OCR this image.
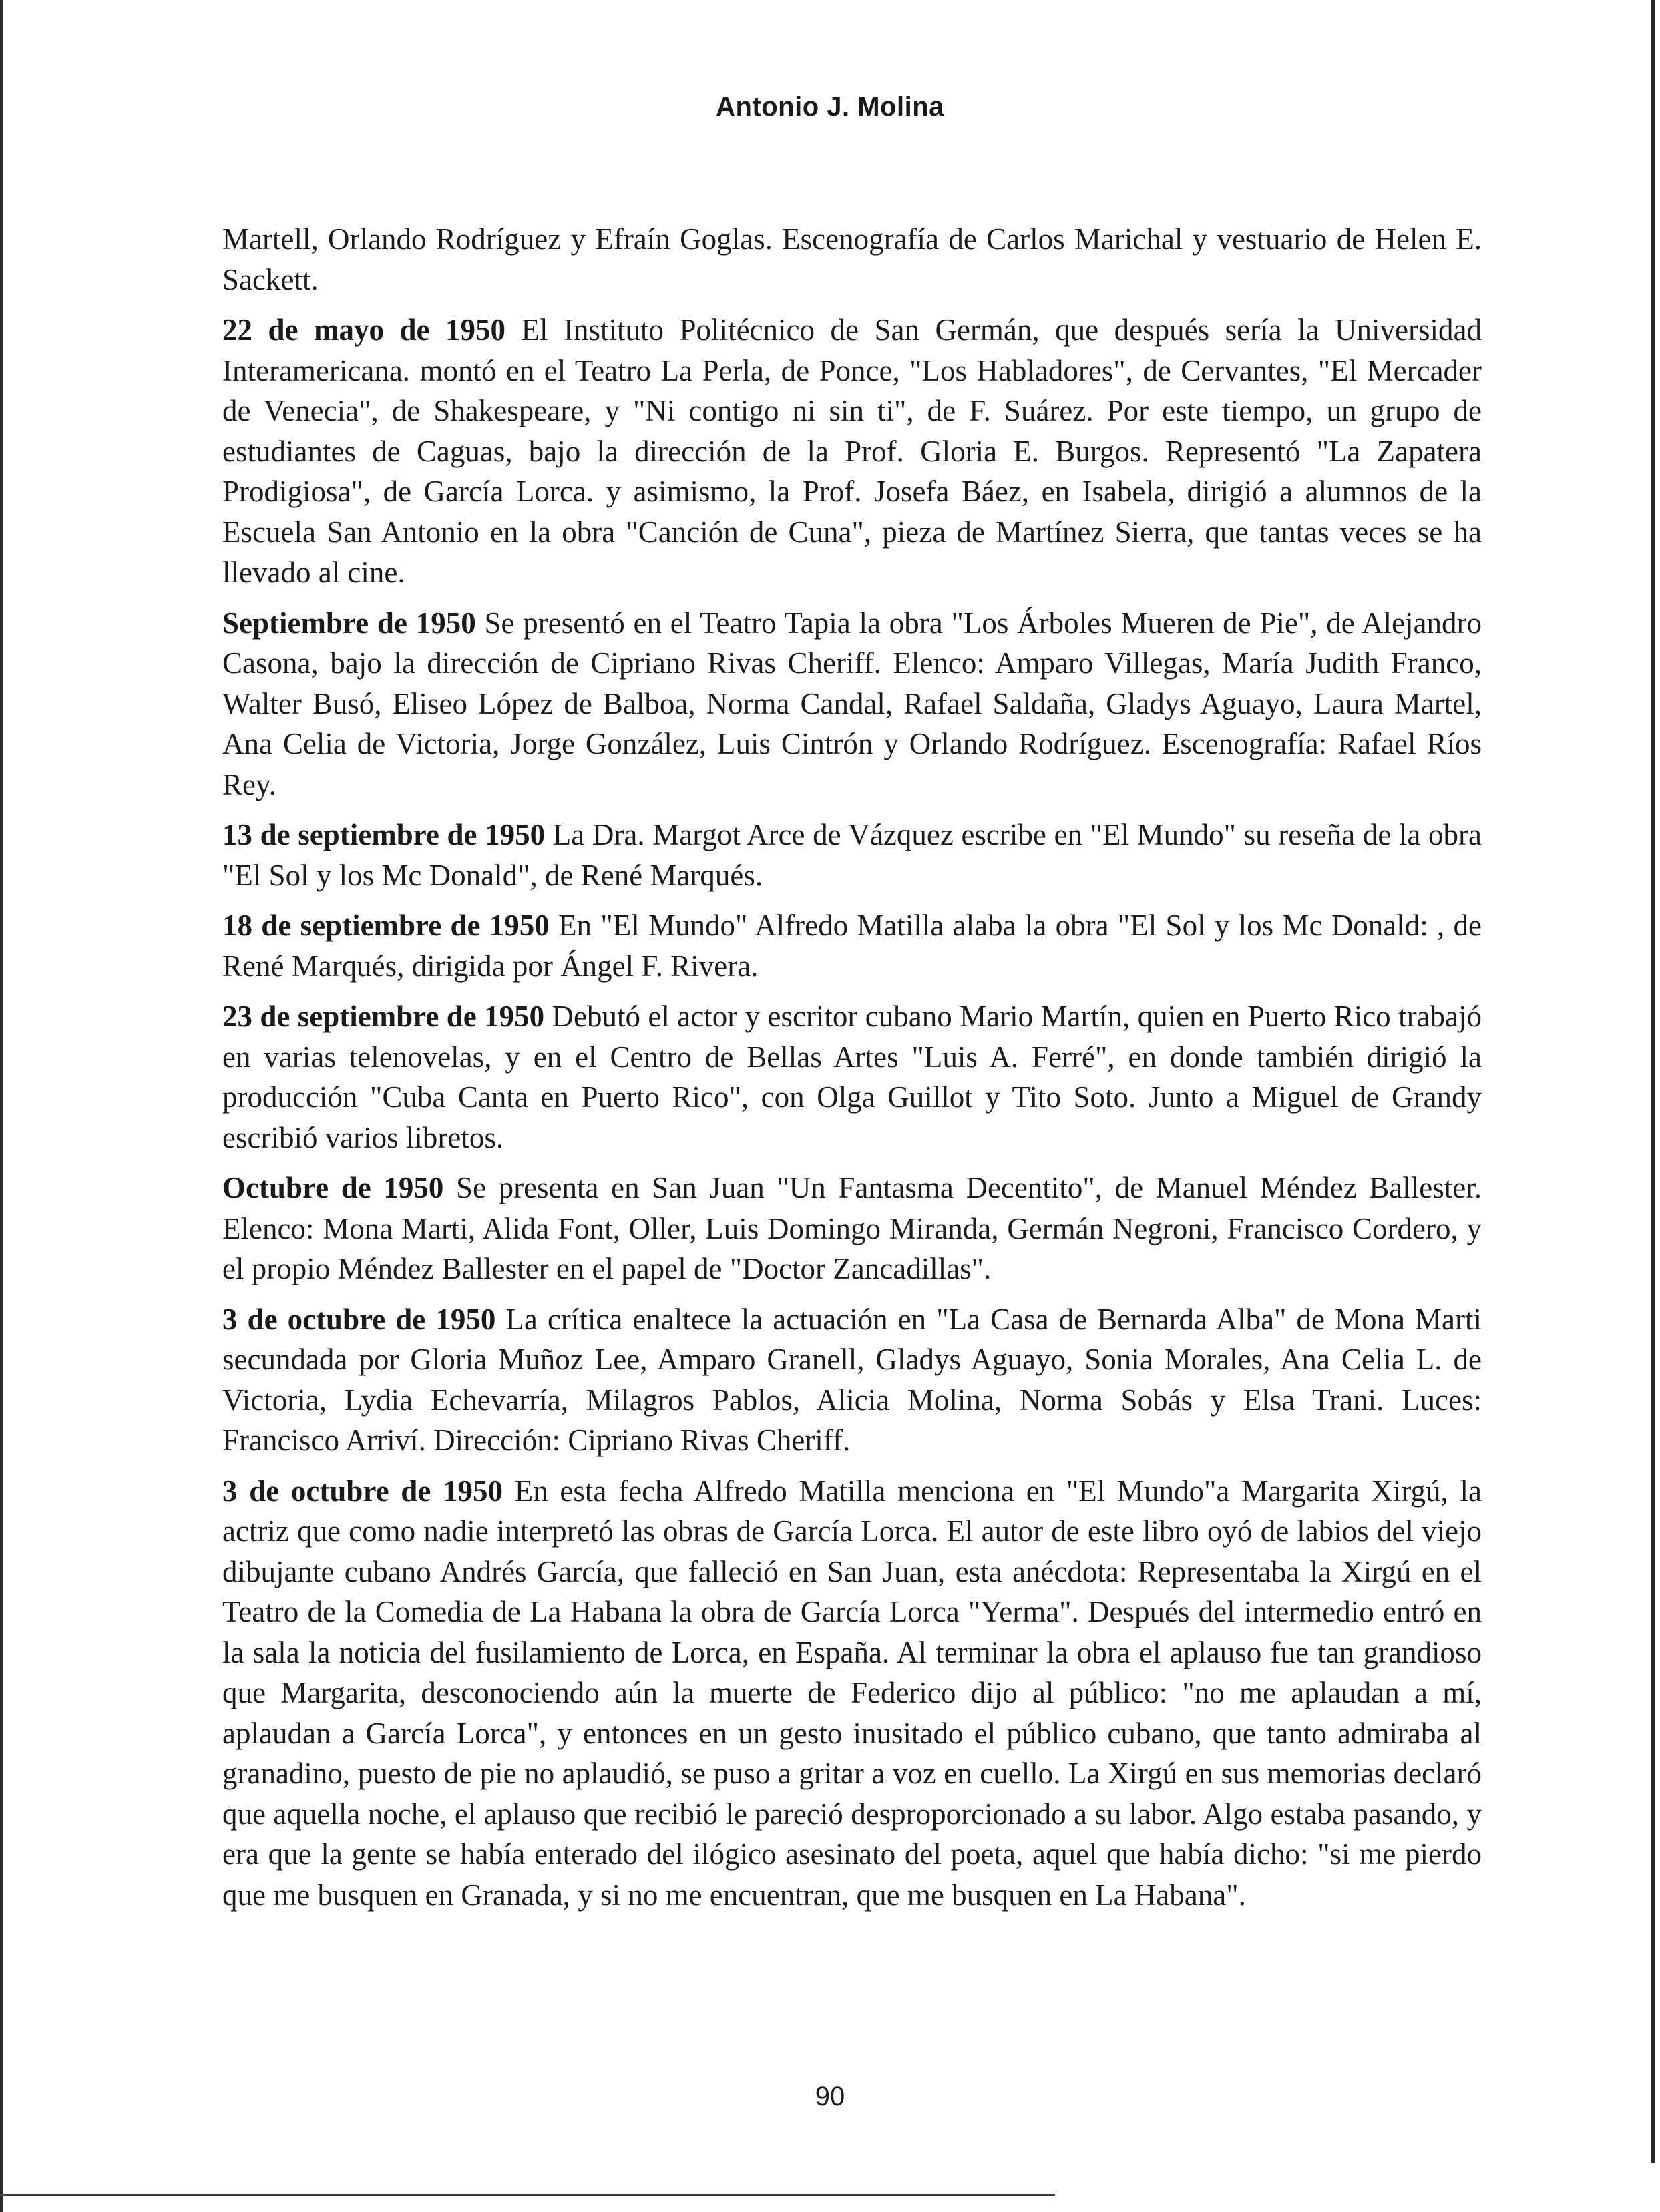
Antonio J. Molina

Martell, Orlando Rodríguez y Efraín Goglas. Escenografía de Carlos Marichal y vestuario de Helen E. Sackett.

22 de mayo de 1950 El Instituto Politécnico de San Germán, que después sería la Universidad Interamericana. montó en el Teatro La Perla, de Ponce, "Los Habladores", de Cervantes, "El Mercader de Venecia", de Shakespeare, y "Ni contigo ni sin ti", de F. Suárez. Por este tiempo, un grupo de estudiantes de Caguas, bajo la dirección de la Prof. Gloria E. Burgos. Representó "La Zapatera Prodigiosa", de García Lorca. y asimismo, la Prof. Josefa Báez, en Isabela, dirigió a alumnos de la Escuela San Antonio en la obra "Canción de Cuna", pieza de Martínez Sierra, que tantas veces se ha llevado al cine.

Septiembre de 1950 Se presentó en el Teatro Tapia la obra "Los Árboles Mueren de Pie", de Alejandro Casona, bajo la dirección de Cipriano Rivas Cheriff. Elenco: Amparo Villegas, María Judith Franco, Walter Busó, Eliseo López de Balboa, Norma Candal, Rafael Saldaña, Gladys Aguayo, Laura Martel, Ana Celia de Victoria, Jorge González, Luis Cintrón y Orlando Rodríguez. Escenografía: Rafael Ríos Rey.

13 de septiembre de 1950 La Dra. Margot Arce de Vázquez escribe en "El Mundo" su reseña de la obra "El Sol y los Mc Donald", de René Marqués.

18 de septiembre de 1950 En "El Mundo" Alfredo Matilla alaba la obra "El Sol y los Mc Donald: , de René Marqués, dirigida por Ángel F. Rivera.

23 de septiembre de 1950 Debutó el actor y escritor cubano Mario Martín, quien en Puerto Rico trabajó en varias telenovelas, y en el Centro de Bellas Artes "Luis A. Ferré", en donde también dirigió la producción "Cuba Canta en Puerto Rico", con Olga Guillot y Tito Soto. Junto a Miguel de Grandy escribió varios libretos.

Octubre de 1950 Se presenta en San Juan "Un Fantasma Decentito", de Manuel Méndez Ballester. Elenco: Mona Marti, Alida Font, Oller, Luis Domingo Miranda, Germán Negroni, Francisco Cordero, y el propio Méndez Ballester en el papel de "Doctor Zancadillas".

3 de octubre de 1950 La crítica enaltece la actuación en "La Casa de Bernarda Alba" de Mona Marti secundada por Gloria Muñoz Lee, Amparo Granell, Gladys Aguayo, Sonia Morales, Ana Celia L. de Victoria, Lydia Echevarría, Milagros Pablos, Alicia Molina, Norma Sobás y Elsa Trani. Luces: Francisco Arriví. Dirección: Cipriano Rivas Cheriff.

3 de octubre de 1950 En esta fecha Alfredo Matilla menciona en "El Mundo"a Margarita Xirgú, la actriz que como nadie interpretó las obras de García Lorca. El autor de este libro oyó de labios del viejo dibujante cubano Andrés García, que falleció en San Juan, esta anécdota: Representaba la Xirgú en el Teatro de la Comedia de La Habana la obra de García Lorca "Yerma". Después del intermedio entró en la sala la noticia del fusilamiento de Lorca, en España. Al terminar la obra el aplauso fue tan grandioso que Margarita, desconociendo aún la muerte de Federico dijo al público: "no me aplaudan a mí, aplaudan a García Lorca", y entonces en un gesto inusitado el público cubano, que tanto admiraba al granadino, puesto de pie no aplaudió, se puso a gritar a voz en cuello. La Xirgú en sus memorias declaró que aquella noche, el aplauso que recibió le pareció desproporcionado a su labor. Algo estaba pasando, y era que la gente se había enterado del ilógico asesinato del poeta, aquel que había dicho: "si me pierdo que me busquen en Granada, y si no me encuentran, que me busquen en La Habana".

90
